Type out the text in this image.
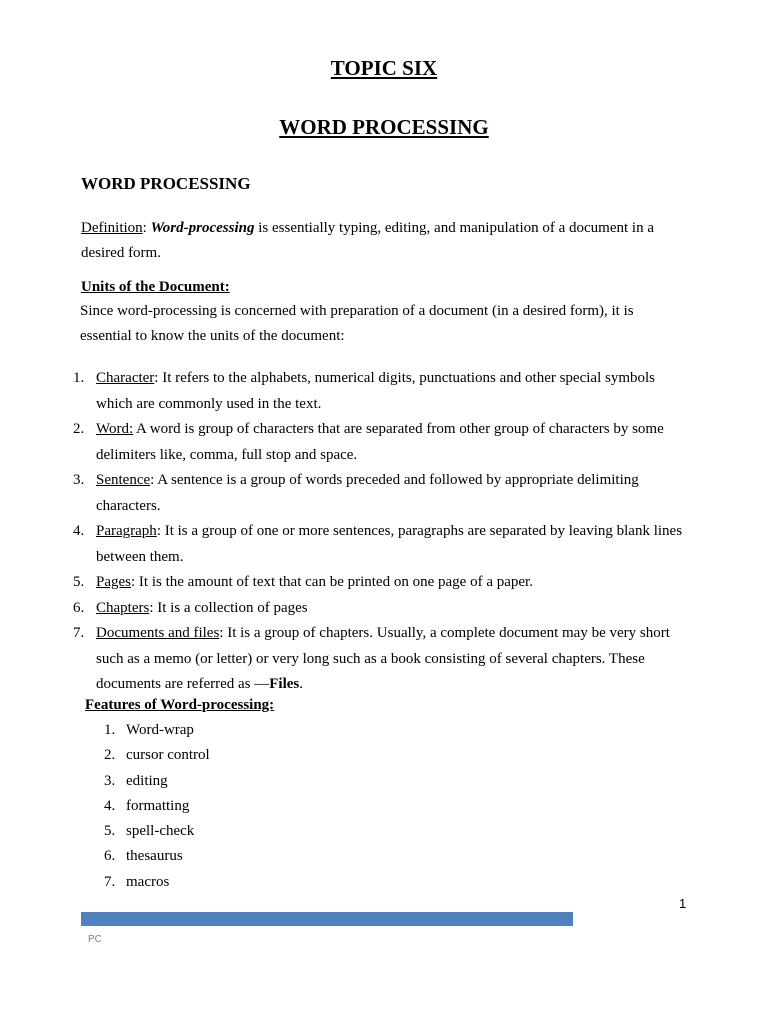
TOPIC SIX
WORD PROCESSING
WORD PROCESSING
Definition: Word-processing is essentially typing, editing, and manipulation of a document in a desired form.
Units of the Document:
Since word-processing is concerned with preparation of a document (in a desired form), it is essential to know the units of the document:
1. Character: It refers to the alphabets, numerical digits, punctuations and other special symbols which are commonly used in the text.
2. Word: A word is group of characters that are separated from other group of characters by some delimiters like, comma, full stop and space.
3. Sentence: A sentence is a group of words preceded and followed by appropriate delimiting characters.
4. Paragraph: It is a group of one or more sentences, paragraphs are separated by leaving blank lines between them.
5. Pages: It is the amount of text that can be printed on one page of a paper.
6. Chapters: It is a collection of pages
7. Documents and files: It is a group of chapters. Usually, a complete document may be very short such as a memo (or letter) or very long such as a book consisting of several chapters. These documents are referred as —Files.
Features of Word-processing:
1. Word-wrap
2. cursor control
3. editing
4. formatting
5. spell-check
6. thesaurus
7. macros
1
PC
